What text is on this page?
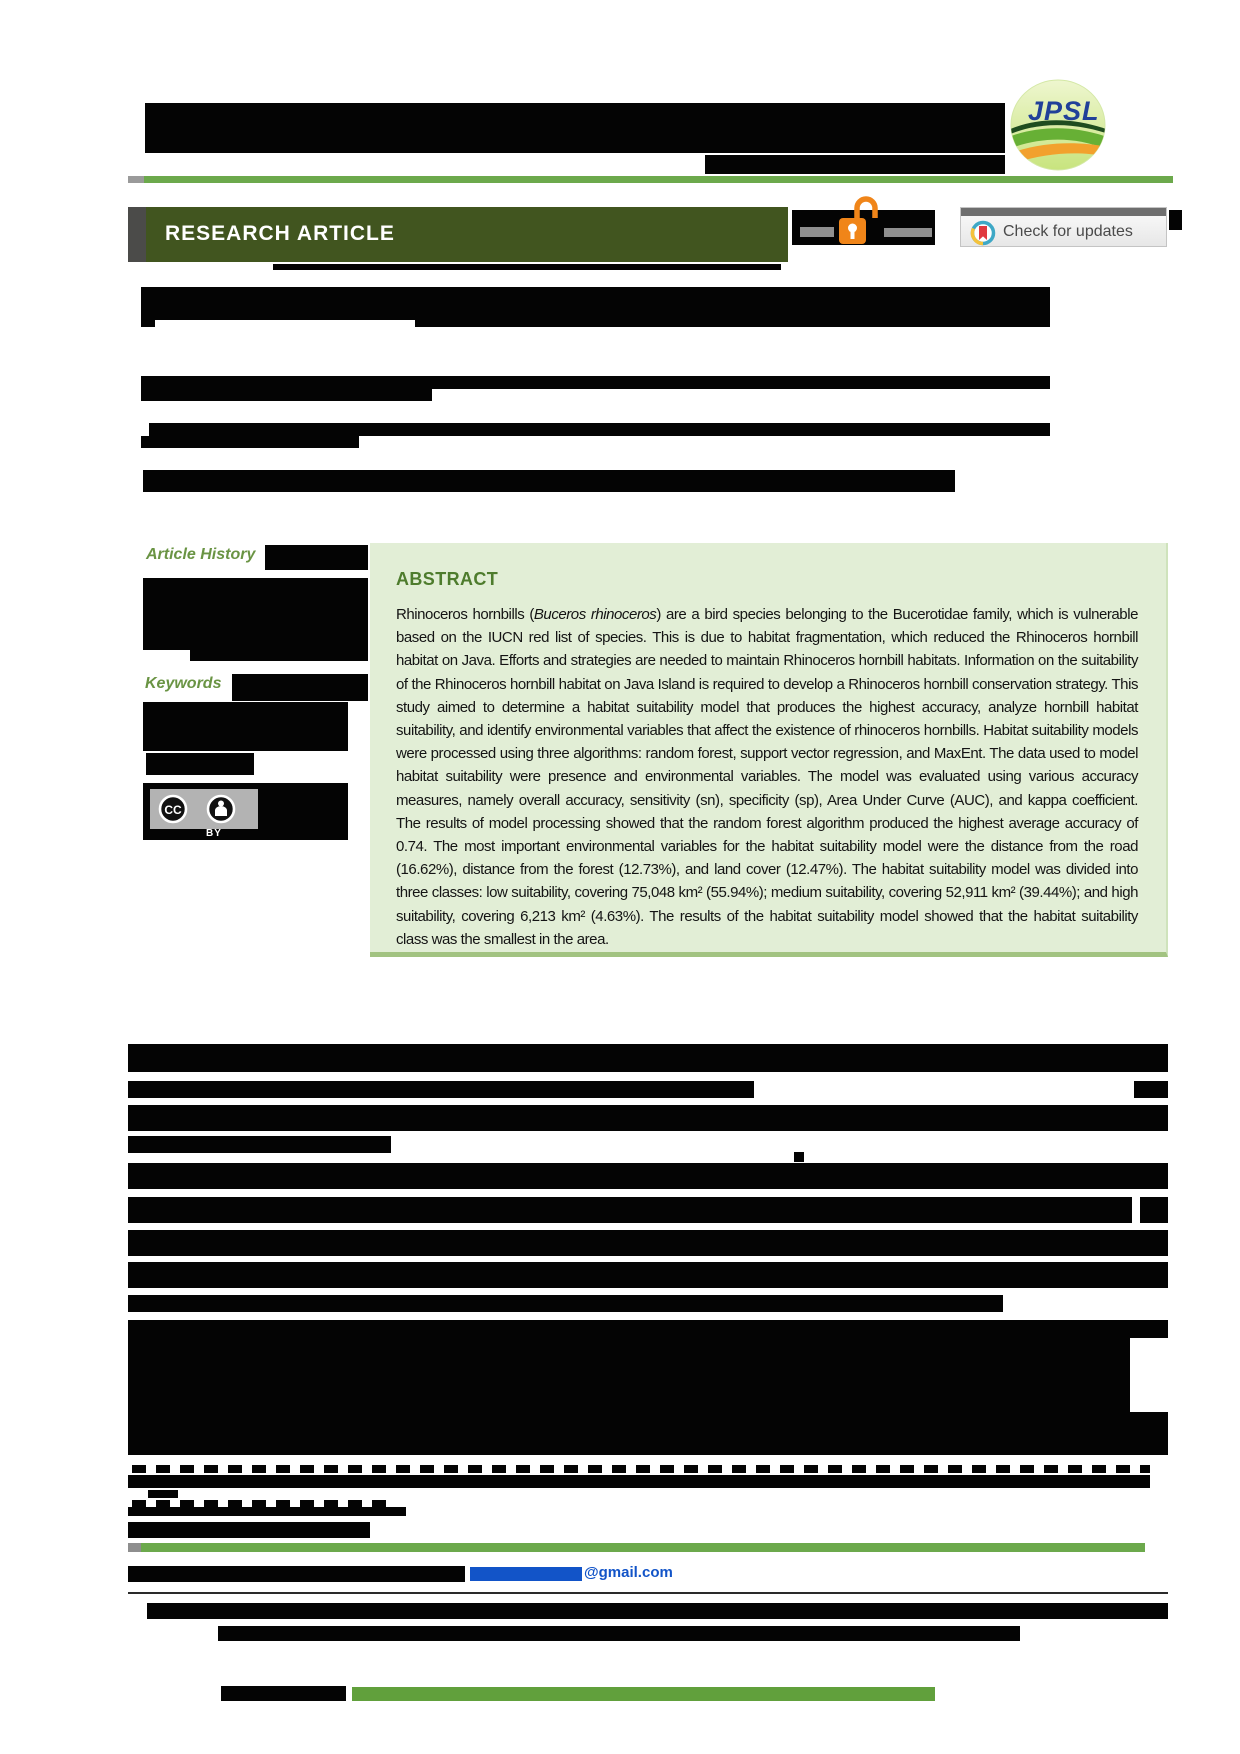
JPSL
RESEARCH ARTICLE	Check for updates
Article History
Keywords
CC
BY
ABSTRACT

Rhinoceros hornbills (Buceros rhinoceros) are a bird species belonging to the Bucerotidae family, which is vulnerable based on the IUCN red list of species. This is due to habitat fragmentation, which reduced the Rhinoceros hornbill habitat on Java. Efforts and strategies are needed to maintain Rhinoceros hornbill habitats. Information on the suitability of the Rhinoceros hornbill habitat on Java Island is required to develop a Rhinoceros hornbill conservation strategy. This study aimed to determine a habitat suitability model that produces the highest accuracy, analyze hornbill habitat suitability, and identify environmental variables that affect the existence of rhinoceros hornbills. Habitat suitability models were processed using three algorithms: random forest, support vector regression, and MaxEnt. The data used to model habitat suitability were presence and environmental variables. The model was evaluated using various accuracy measures, namely overall accuracy, sensitivity (sn), specificity (sp), Area Under Curve (AUC), and kappa coefficient. The results of model processing showed that the random forest algorithm produced the highest average accuracy of 0.74. The most important environmental variables for the habitat suitability model were the distance from the road (16.62%), distance from the forest (12.73%), and land cover (12.47%). The habitat suitability model was divided into three classes: low suitability, covering 75,048 km² (55.94%); medium suitability, covering 52,911 km² (39.44%); and high suitability, covering 6,213 km² (4.63%). The results of the habitat suitability model showed that the habitat suitability class was the smallest in the area.

@gmail.com
